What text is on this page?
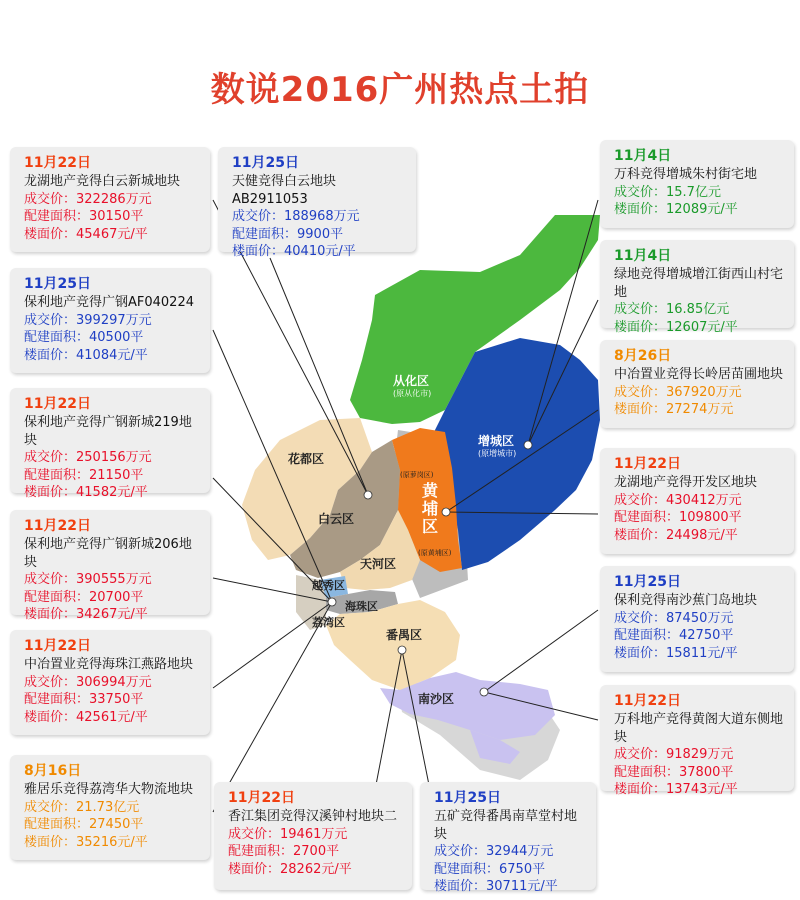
数说2016广州热点土拍
从化区
(原从化市)
增城区
(原增城市)
花都区
白云区
(原萝岗区)
黄埔区
(原黄埔区)
天河区
越秀区
海珠区
荔湾区
番禺区
南沙区
11月22日
龙湖地产竞得白云新城地块
成交价：322286万元
配建面积：30150平
楼面价：45467元/平
11月25日
天健竞得白云地块AB2911053
成交价：188968万元
配建面积：9900平
楼面价：40410元/平
11月25日
保利地产竞得广钢AF040224
成交价：399297万元
配建面积：40500平
楼面价：41084元/平
11月22日
保利地产竞得广钢新城219地块
成交价：250156万元
配建面积：21150平
楼面价：41582元/平
11月22日
保利地产竞得广钢新城206地块
成交价：390555万元
配建面积：20700平
楼面价：34267元/平
11月22日
中冶置业竞得海珠江燕路地块
成交价：306994万元
配建面积：33750平
楼面价：42561元/平
8月16日
雅居乐竞得荔湾华大物流地块
成交价：21.73亿元
配建面积：27450平
楼面价：35216元/平
11月22日
香江集团竞得汉溪钟村地块二
成交价：19461万元
配建面积：2700平
楼面价：28262元/平
11月25日
五矿竞得番禺南草堂村地块
成交价：32944万元
配建面积：6750平
楼面价：30711元/平
11月4日
万科竞得增城朱村街宅地
成交价：15.7亿元
楼面价：12089元/平
11月4日
绿地竞得增城增江街西山村宅地
成交价：16.85亿元
楼面价：12607元/平
8月26日
中冶置业竞得长岭居苗圃地块
成交价：367920万元
楼面价：27274万元
11月22日
龙湖地产竞得开发区地块
成交价：430412万元
配建面积：109800平
楼面价：24498元/平
11月25日
保利竞得南沙蕉门岛地块
成交价：87450万元
配建面积：42750平
楼面价：15811元/平
11月22日
万科地产竞得黄阁大道东侧地块
成交价：91829万元
配建面积：37800平
楼面价：13743元/平
